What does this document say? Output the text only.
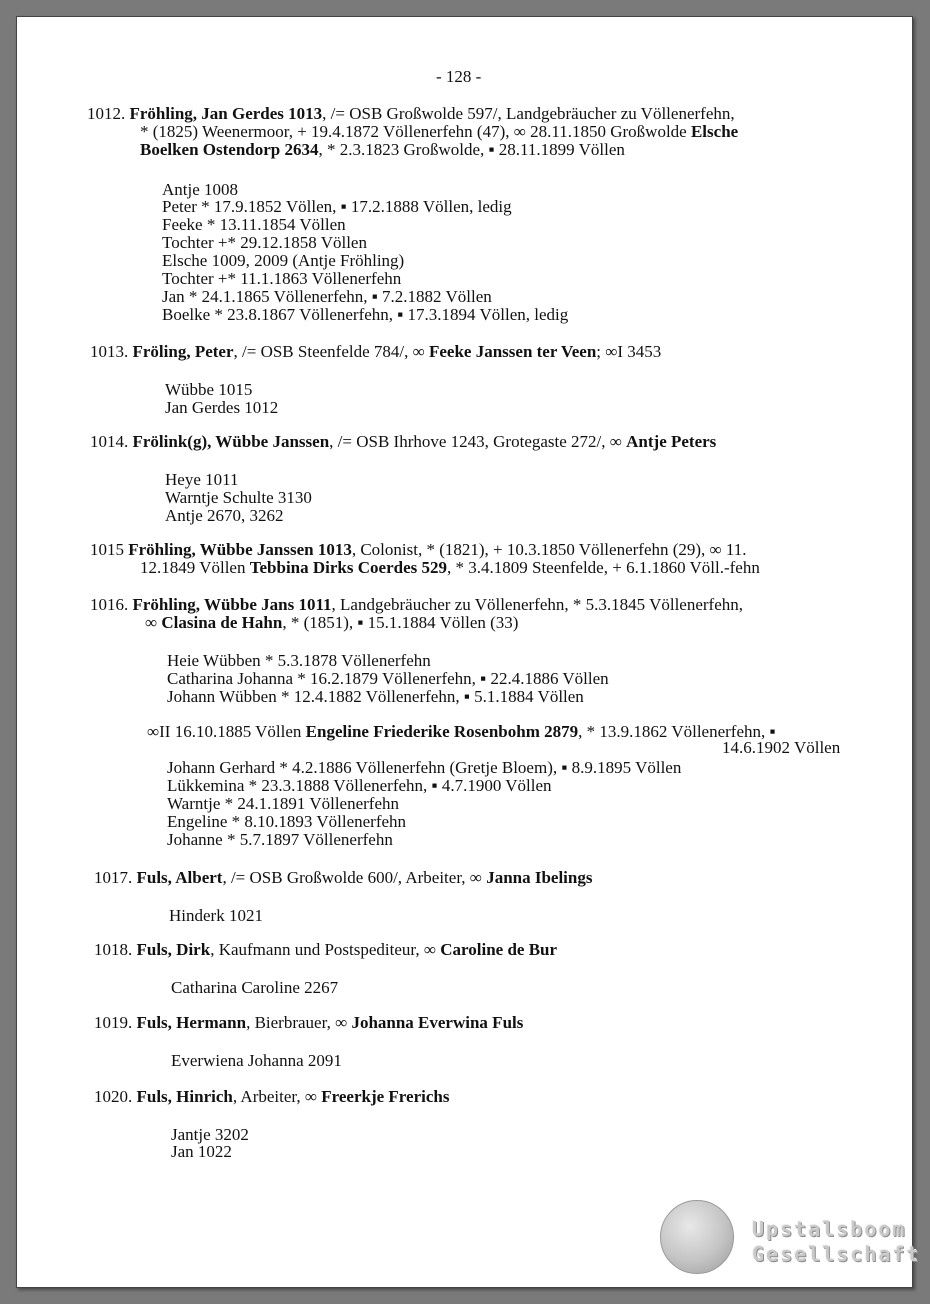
- 128 -
1012. Fröhling, Jan Gerdes 1013, /= OSB Großwolde 597/, Landgebräucher zu Völlenerfehn,
* (1825) Weenermoor, + 19.4.1872 Völlenerfehn (47), ∞ 28.11.1850 Großwolde Elsche
Boelken Ostendorp 2634, * 2.3.1823 Großwolde, ▪ 28.11.1899 Völlen
Antje 1008
Peter * 17.9.1852 Völlen, ▪ 17.2.1888 Völlen, ledig
Feeke * 13.11.1854 Völlen
Tochter +* 29.12.1858 Völlen
Elsche 1009, 2009 (Antje Fröhling)
Tochter +* 11.1.1863 Völlenerfehn
Jan * 24.1.1865 Völlenerfehn, ▪ 7.2.1882 Völlen
Boelke * 23.8.1867 Völlenerfehn, ▪ 17.3.1894 Völlen, ledig
1013. Fröling, Peter, /= OSB Steenfelde 784/, ∞ Feeke Janssen ter Veen; ∞I 3453
Wübbe 1015
Jan Gerdes 1012
1014. Frölink(g), Wübbe Janssen, /= OSB Ihrhove 1243, Grotegaste 272/, ∞ Antje Peters
Heye 1011
Warntje Schulte 3130
Antje 2670, 3262
1015 Fröhling, Wübbe Janssen 1013, Colonist, * (1821), + 10.3.1850 Völlenerfehn (29), ∞ 11.
12.1849 Völlen Tebbina Dirks Coerdes 529, * 3.4.1809 Steenfelde, + 6.1.1860 Völl.-fehn
1016. Fröhling, Wübbe Jans 1011, Landgebräucher zu Völlenerfehn, * 5.3.1845 Völlenerfehn,
∞ Clasina de Hahn, * (1851), ▪ 15.1.1884 Völlen (33)
Heie Wübben * 5.3.1878 Völlenerfehn
Catharina Johanna * 16.2.1879 Völlenerfehn, ▪ 22.4.1886 Völlen
Johann Wübben * 12.4.1882 Völlenerfehn, ▪ 5.1.1884 Völlen
∞II 16.10.1885 Völlen Engeline Friederike Rosenbohm 2879, * 13.9.1862 Völlenerfehn, ▪
14.6.1902 Völlen
Johann Gerhard * 4.2.1886 Völlenerfehn (Gretje Bloem), ▪ 8.9.1895 Völlen
Lükkemina * 23.3.1888 Völlenerfehn, ▪ 4.7.1900 Völlen
Warntje * 24.1.1891 Völlenerfehn
Engeline * 8.10.1893 Völlenerfehn
Johanne * 5.7.1897 Völlenerfehn
1017. Fuls, Albert, /= OSB Großwolde 600/, Arbeiter, ∞ Janna Ibelings
Hinderk 1021
1018. Fuls, Dirk, Kaufmann und Postspediteur, ∞ Caroline de Bur
Catharina Caroline 2267
1019. Fuls, Hermann, Bierbrauer, ∞ Johanna Everwina Fuls
Everwiena Johanna 2091
1020. Fuls, Hinrich, Arbeiter, ∞ Freerkje Frerichs
Jantje 3202
Jan 1022
Upstalsboom
Gesellschaft
